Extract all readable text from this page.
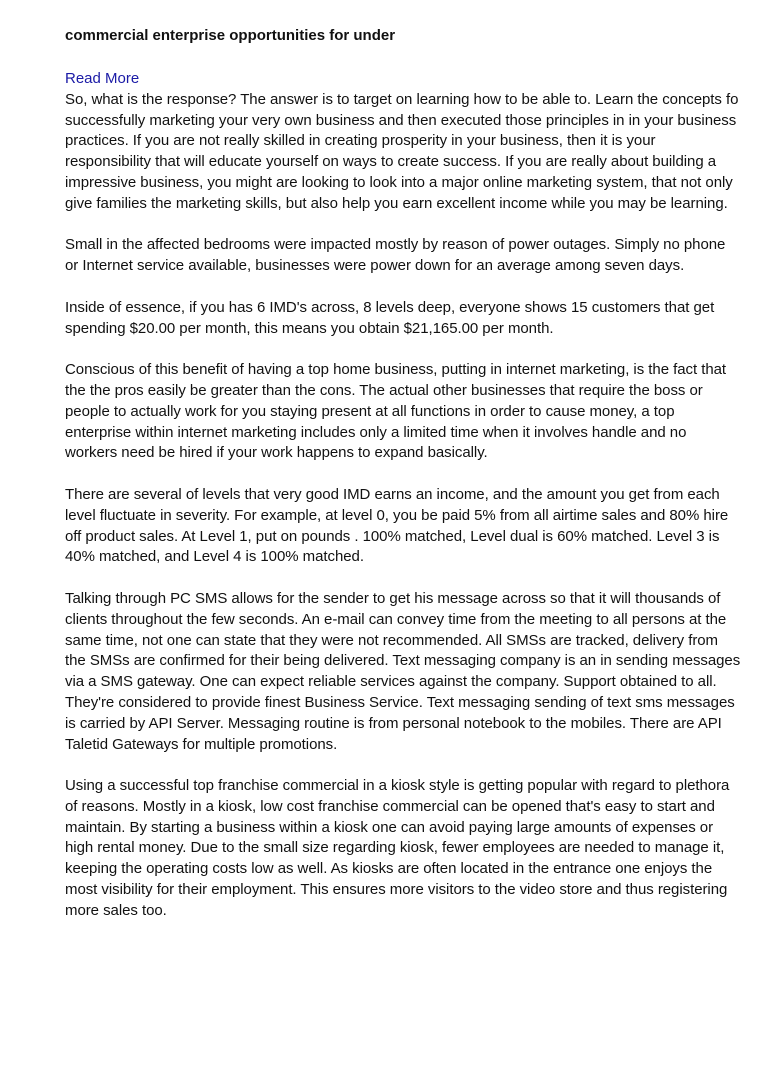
commercial enterprise opportunities for under
Read More

So, what is the response? The answer is to target on learning how to be able to. Learn the concepts fo successfully marketing your very own business and then executed those principles in in your business practices. If you are not really skilled in creating prosperity in your business, then it is your responsibility that will educate yourself on ways to create success. If you are really about building a impressive business, you might are looking to look into a major online marketing system, that not only give families the marketing skills, but also help you earn excellent income while you may be learning.

Small in the affected bedrooms were impacted mostly by reason of power outages. Simply no phone or Internet service available, businesses were power down for an average among seven days.

Inside of essence, if you has 6 IMD's across, 8 levels deep, everyone shows 15 customers that get spending $20.00 per month, this means you obtain $21,165.00 per month.

Conscious of this benefit of having a top home business, putting in internet marketing, is the fact that the the pros easily be greater than the cons. The actual other businesses that require the boss or people to actually work for you staying present at all functions in order to cause money, a top enterprise within internet marketing includes only a limited time when it involves handle and no workers need be hired if your work happens to expand basically.

There are several of levels that very good IMD earns an income, and the amount you get from each level fluctuate in severity. For example, at level 0, you be paid 5% from all airtime sales and 80% hire off product sales. At Level 1, put on pounds . 100% matched, Level dual is 60% matched. Level 3 is 40% matched, and Level 4 is 100% matched.

Talking through PC SMS allows for the sender to get his message across so that it will thousands of clients throughout the few seconds. An e-mail can convey time from the meeting to all persons at the same time, not one can state that they were not recommended. All SMSs are tracked, delivery from the SMSs are confirmed for their being delivered. Text messaging company is an in sending messages via a SMS gateway. One can expect reliable services against the company. Support obtained to all. They're considered to provide finest Business Service. Text messaging sending of text sms messages is carried by API Server. Messaging routine is from personal notebook to the mobiles. There are API Taletid Gateways for multiple promotions.

Using a successful top franchise commercial in a kiosk style is getting popular with regard to plethora of reasons. Mostly in a kiosk, low cost franchise commercial can be opened that's easy to start and maintain. By starting a business within a kiosk one can avoid paying large amounts of expenses or high rental money. Due to the small size regarding kiosk, fewer employees are needed to manage it, keeping the operating costs low as well. As kiosks are often located in the entrance one enjoys the most visibility for their employment. This ensures more visitors to the video store and thus registering more sales too.
